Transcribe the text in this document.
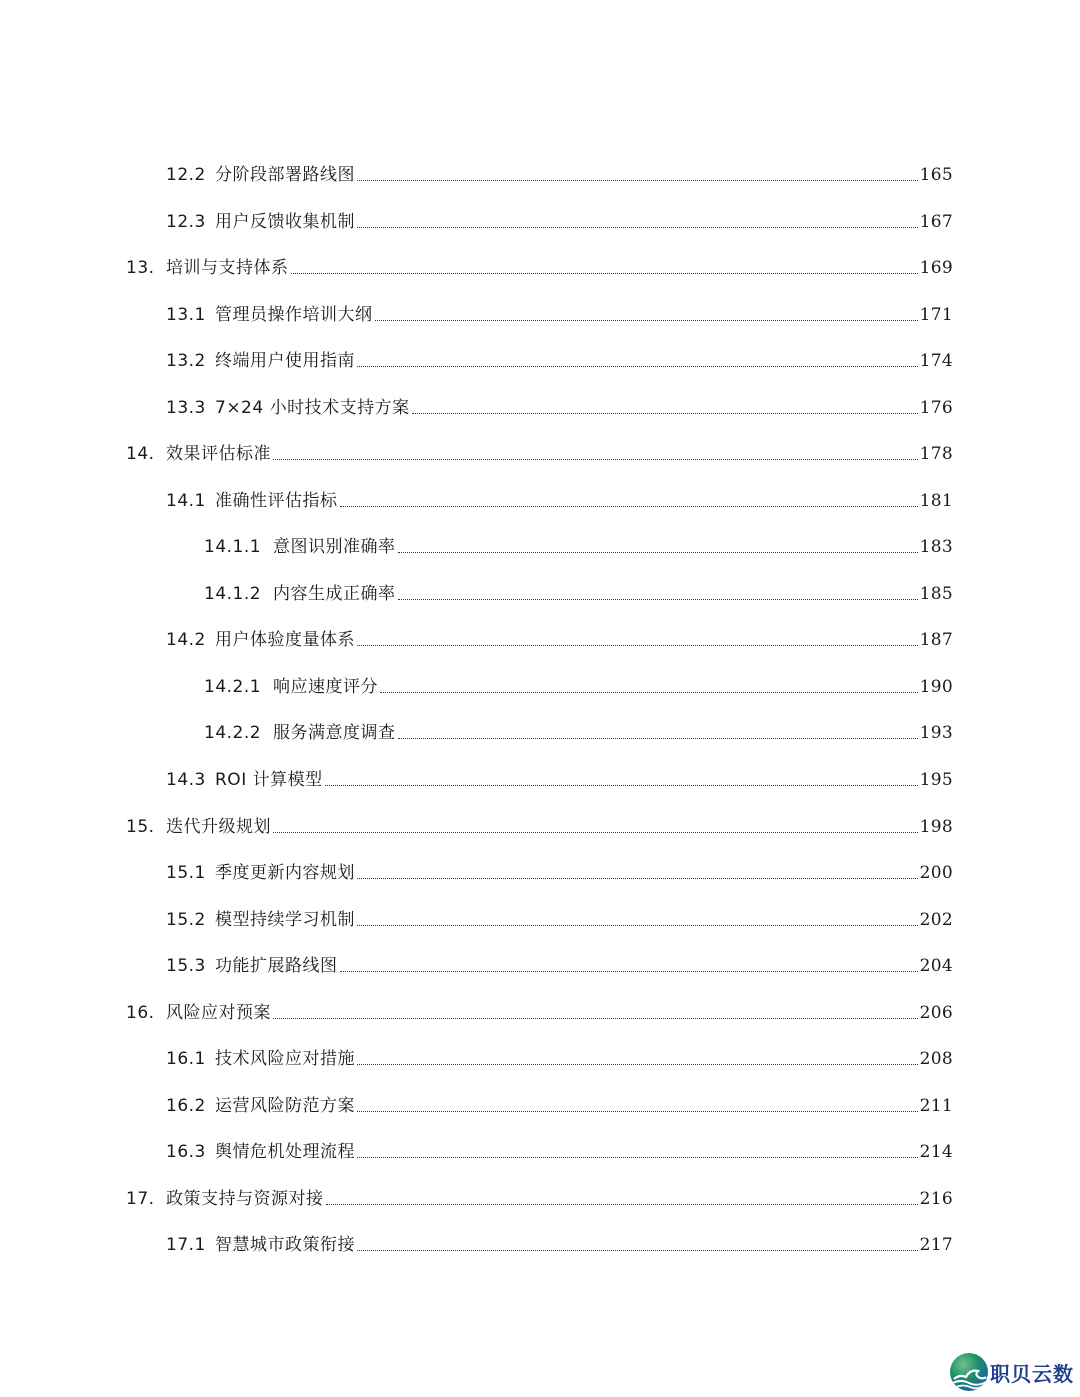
12.2 分阶段部署路线图	165
12.3 用户反馈收集机制	167
13. 培训与支持体系	169
13.1 管理员操作培训大纲	171
13.2 终端用户使用指南	174
13.3 7×24 小时技术支持方案	176
14. 效果评估标准	178
14.1 准确性评估指标	181
14.1.1 意图识别准确率	183
14.1.2 内容生成正确率	185
14.2 用户体验度量体系	187
14.2.1 响应速度评分	190
14.2.2 服务满意度调查	193
14.3 ROI 计算模型	195
15. 迭代升级规划	198
15.1 季度更新内容规划	200
15.2 模型持续学习机制	202
15.3 功能扩展路线图	204
16. 风险应对预案	206
16.1 技术风险应对措施	208
16.2 运营风险防范方案	211
16.3 舆情危机处理流程	214
17. 政策支持与资源对接	216
17.1 智慧城市政策衔接	217
职贝云数
